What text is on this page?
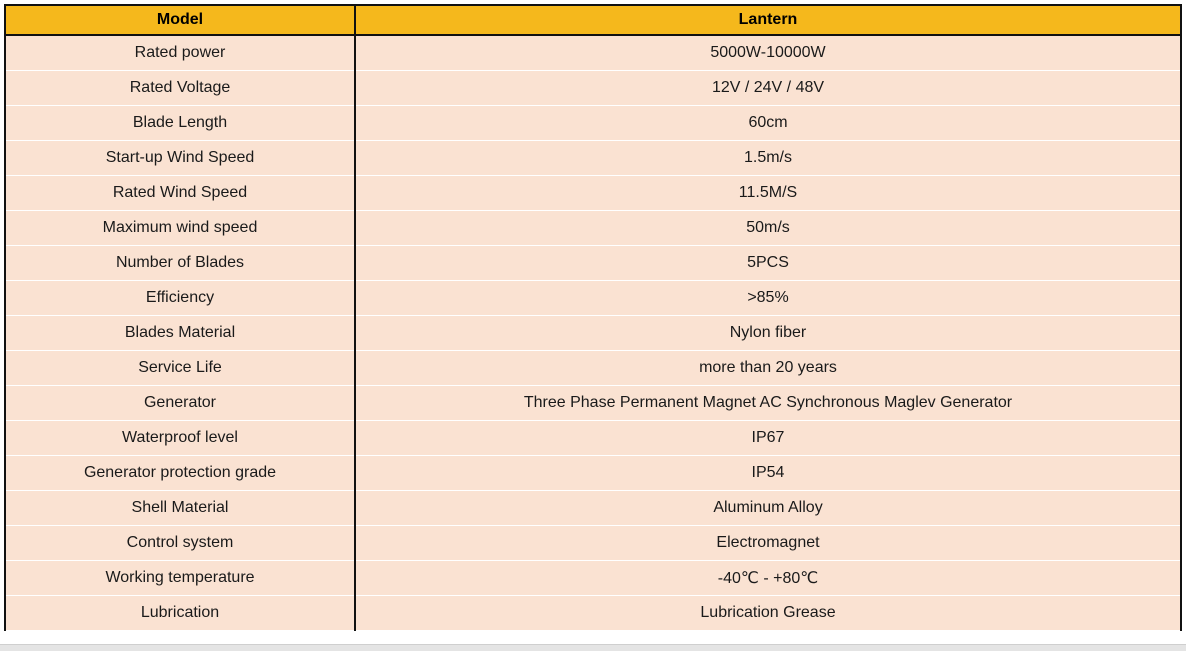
Model	Lantern
Rated power	5000W-10000W
Rated Voltage	12V / 24V / 48V
Blade Length	60cm
Start-up Wind Speed	1.5m/s
Rated Wind Speed	11.5M/S
Maximum wind speed	50m/s
Number of Blades	5PCS
Efficiency	>85%
Blades Material	Nylon fiber
Service Life	more than 20 years
Generator	Three Phase Permanent Magnet AC Synchronous Maglev Generator
Waterproof level	IP67
Generator protection grade	IP54
Shell Material	Aluminum Alloy
Control system	Electromagnet
Working temperature	-40℃ - +80℃
Lubrication	Lubrication Grease
